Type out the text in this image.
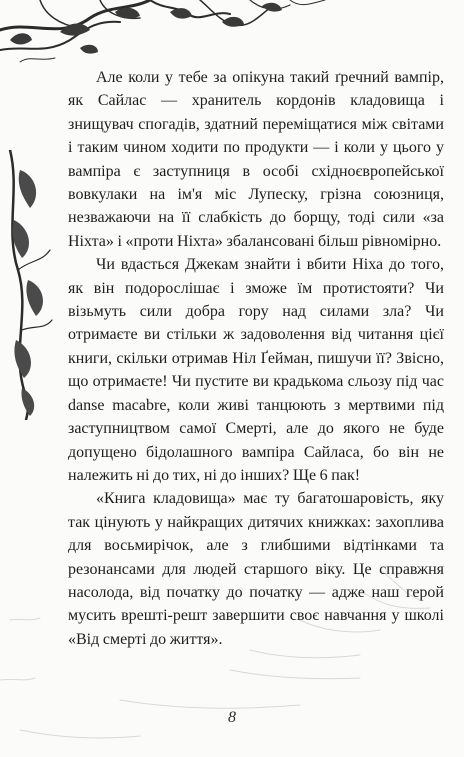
Але коли у тебе за опікуна такий ґречний вампір, як Сайлас — хранитель кордонів кладовища і знищувач спогадів, здатний переміщатися між світами і таким чином ходити по продукти — і коли у цього у вампіра є заступниця в особі східноєвропейської вовкулаки на ім'я міс Лупеску, грізна союзниця, незважаючи на її слабкість до борщу, тоді сили «за Ніхта» і «проти Ніхта» збалансовані більш рівномірно.

Чи вдасться Джекам знайти і вбити Ніха до того, як він подорослішає і зможе їм протистояти? Чи візьмуть сили добра гору над силами зла? Чи отримаєте ви стільки ж задоволення від читання цієї книги, скільки отримав Ніл Ґейман, пишучи її? Звісно, що отримаєте! Чи пустите ви крадькома сльозу під час danse macabre, коли живі танцюють з мертвими під заступництвом самої Смерті, але до якого не буде допущено бідолашного вампіра Сайласа, бо він не належить ні до тих, ні до інших? Ще 6 пак!

«Книга кладовища» має ту багатошаровість, яку так цінують у найкращих дитячих книжках: захоплива для восьмирічок, але з глибшими відтінками та резонансами для людей старшого віку. Це справжня насолода, від початку до початку — адже наш герой мусить врешті-решт завершити своє навчання у школі «Від смерті до життя».

8
